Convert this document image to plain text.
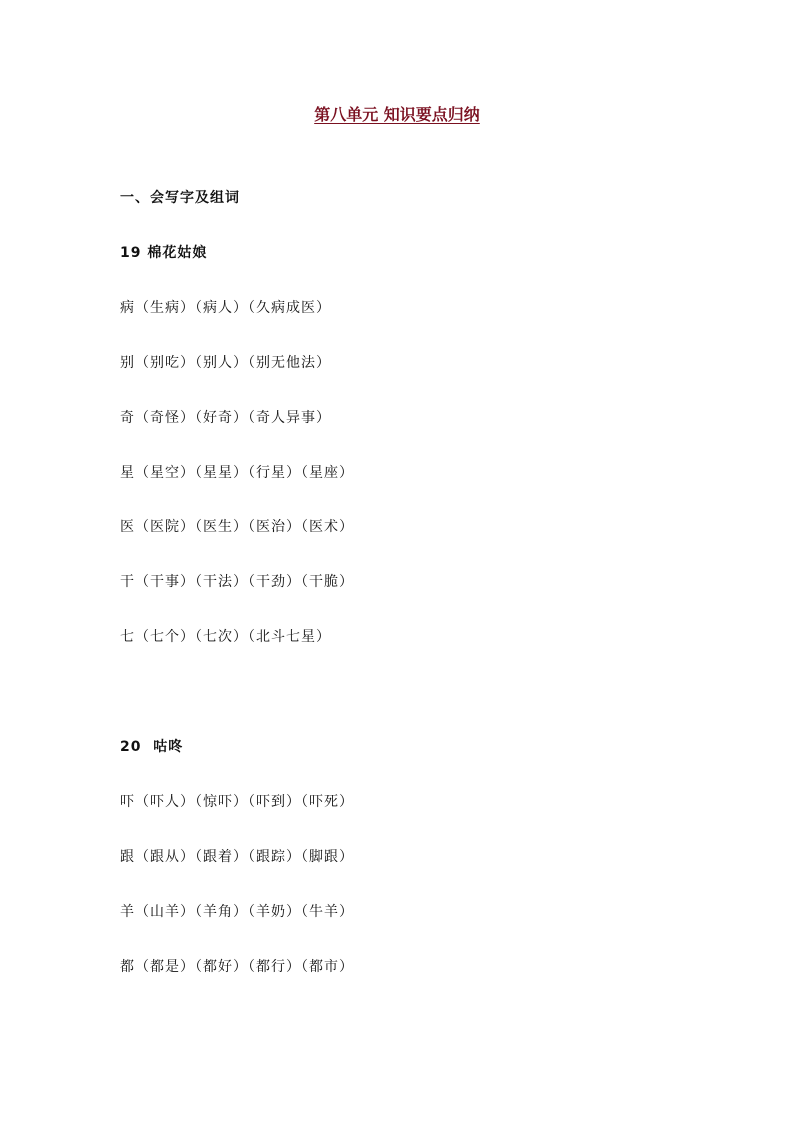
第八单元 知识要点归纳
一、会写字及组词
19 棉花姑娘
病（生病）（病人）（久病成医）
别（别吃）（别人）（别无他法）
奇（奇怪）（好奇）（奇人异事）
星（星空）（星星）（行星）（星座）
医（医院）（医生）（医治）（医术）
干（干事）（干法）（干劲）（干脆）
七（七个）（七次）（北斗七星）
20  咕咚
吓（吓人）（惊吓）（吓到）（吓死）
跟（跟从）（跟着）（跟踪）（脚跟）
羊（山羊）（羊角）（羊奶）（牛羊）
都（都是）（都好）（都行）（都市）
